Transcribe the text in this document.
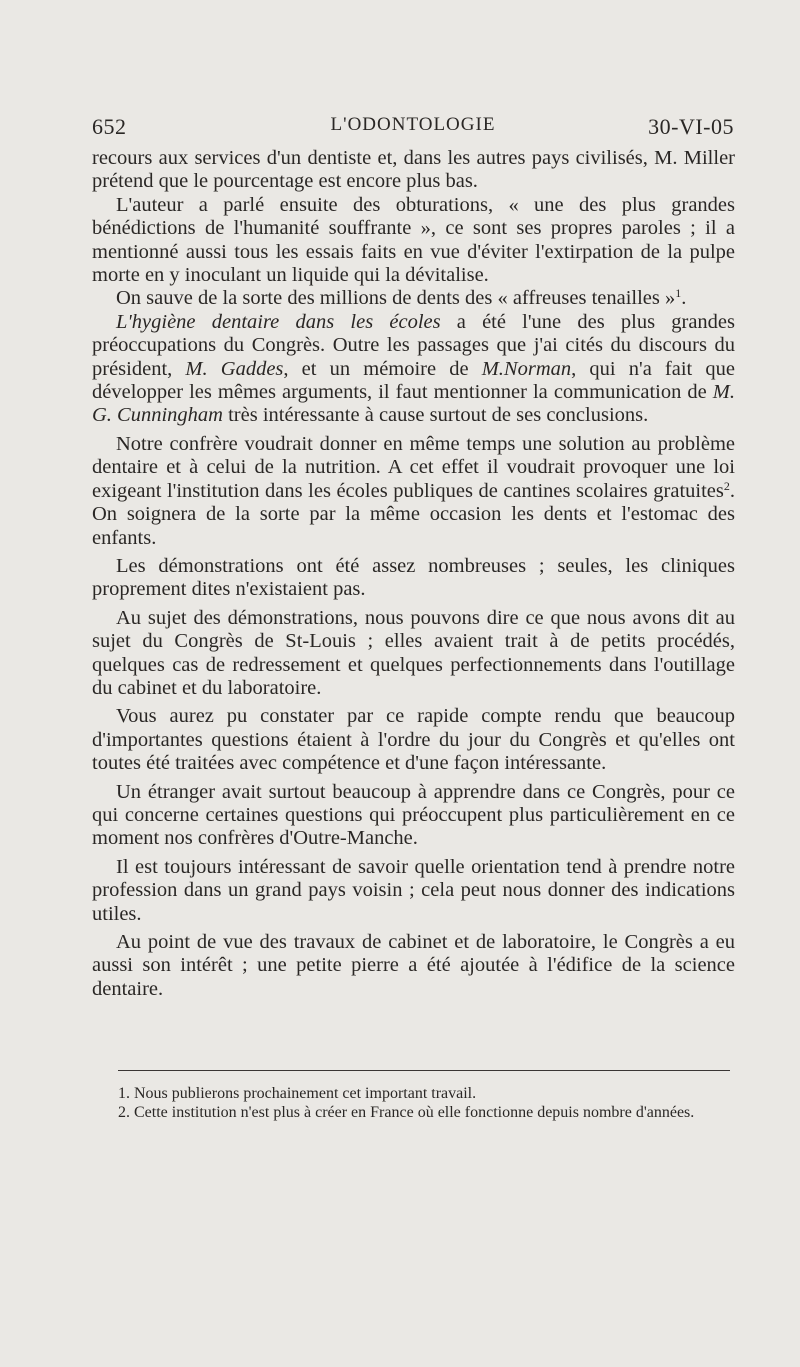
652	L'ODONTOLOGIE	30-VI-05

recours aux services d'un dentiste et, dans les autres pays civilisés, M. Miller prétend que le pourcentage est encore plus bas.

L'auteur a parlé ensuite des obturations, « une des plus grandes bénédictions de l'humanité souffrante », ce sont ses propres paroles ; il a mentionné aussi tous les essais faits en vue d'éviter l'extirpation de la pulpe morte en y inoculant un liquide qui la dévitalise.

On sauve de la sorte des millions de dents des « affreuses tenailles »$^1$.

L'hygiène dentaire dans les écoles a été l'une des plus grandes préoccupations du Congrès. Outre les passages que j'ai cités du discours du président, M. Gaddes, et un mémoire de M.Norman, qui n'a fait que développer les mêmes arguments, il faut mentionner la communication de M. G. Cunningham très intéressante à cause surtout de ses conclusions.

Notre confrère voudrait donner en même temps une solution au problème dentaire et à celui de la nutrition. A cet effet il voudrait provoquer une loi exigeant l'institution dans les écoles publiques de cantines scolaires gratuites$^2$. On soignera de la sorte par la même occasion les dents et l'estomac des enfants.

Les démonstrations ont été assez nombreuses ; seules, les cliniques proprement dites n'existaient pas.

Au sujet des démonstrations, nous pouvons dire ce que nous avons dit au sujet du Congrès de St-Louis ; elles avaient trait à de petits procédés, quelques cas de redressement et quelques perfectionnements dans l'outillage du cabinet et du laboratoire.

Vous aurez pu constater par ce rapide compte rendu que beaucoup d'importantes questions étaient à l'ordre du jour du Congrès et qu'elles ont toutes été traitées avec compétence et d'une façon intéressante.

Un étranger avait surtout beaucoup à apprendre dans ce Congrès, pour ce qui concerne certaines questions qui préoccupent plus particulièrement en ce moment nos confrères d'Outre-Manche.

Il est toujours intéressant de savoir quelle orientation tend à prendre notre profession dans un grand pays voisin ; cela peut nous donner des indications utiles.

Au point de vue des travaux de cabinet et de laboratoire, le Congrès a eu aussi son intérêt ; une petite pierre a été ajoutée à l'édifice de la science dentaire.

1. Nous publierons prochainement cet important travail.

2. Cette institution n'est plus à créer en France où elle fonctionne depuis nombre d'années.
